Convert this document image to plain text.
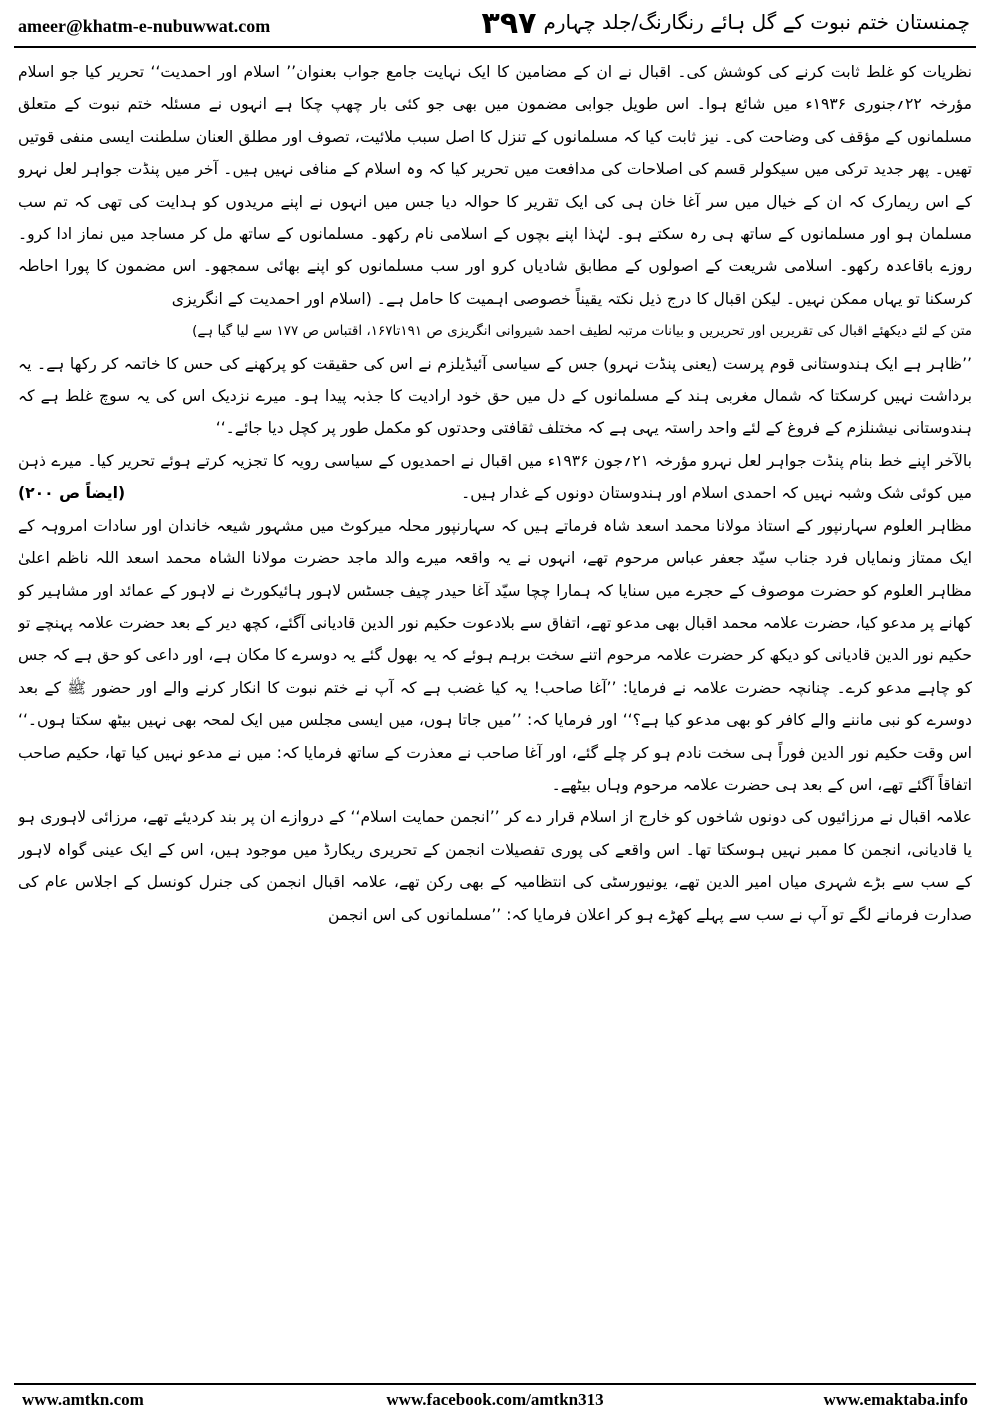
ameer@khatm-e-nubuwwat.com	۳۹۷ چمنستان ختم نبوت کے گل ہائے رنگارنگ/جلد چہارم

نظریات کو غلط ثابت کرنے کی کوشش کی۔ اقبال نے ان کے مضامین کا ایک نہایت جامع جواب بعنوان’’ اسلام اور احمدیت‘‘ تحریر کیا جو اسلام مؤرخہ ۲۲؍جنوری ۱۹۳۶ء میں شائع ہوا۔ اس طویل جوابی مضمون میں بھی جو کئی بار چھپ چکا ہے انہوں نے مسئلہ ختم نبوت کے متعلق مسلمانوں کے مؤقف کی وضاحت کی۔ نیز ثابت کیا کہ مسلمانوں کے تنزل کا اصل سبب ملائیت، تصوف اور مطلق العنان سلطنت ایسی منفی قوتیں تھیں۔ پھر جدید ترکی میں سیکولر قسم کی اصلاحات کی مدافعت میں تحریر کیا کہ وہ اسلام کے منافی نہیں ہیں۔ آخر میں پنڈت جواہر لعل نہرو کے اس ریمارک کہ ان کے خیال میں سر آغا خان ہی کی ایک تقریر کا حوالہ دیا جس میں انہوں نے اپنے مریدوں کو ہدایت کی تھی کہ تم سب مسلمان ہو اور مسلمانوں کے ساتھ ہی رہ سکتے ہو۔ لہٰذا اپنے بچوں کے اسلامی نام رکھو۔ مسلمانوں کے ساتھ مل کر مساجد میں نماز ادا کرو۔ روزے باقاعدہ رکھو۔ اسلامی شریعت کے اصولوں کے مطابق شادیاں کرو اور سب مسلمانوں کو اپنے بھائی سمجھو۔ اس مضمون کا پورا احاطہ کرسکنا تو یہاں ممکن نہیں۔ لیکن اقبال کا درج ذیل نکتہ یقیناً خصوصی اہمیت کا حامل ہے۔ (اسلام اور احمدیت کے انگریزی

متن کے لئے دیکھئے اقبال کی تقریریں اور تحریریں و بیانات مرتبہ لطیف احمد شیروانی انگریزی ص ۱۹۱تا۱۶۷، اقتباس ص ۱۷۷ سے لیا گیا ہے)

’’ظاہر ہے ایک ہندوستانی قوم پرست (یعنی پنڈت نہرو) جس کے سیاسی آئیڈیلزم نے اس کی حقیقت کو پرکھنے کی حس کا خاتمہ کر رکھا ہے۔ یہ برداشت نہیں کرسکتا کہ شمال مغربی ہند کے مسلمانوں کے دل میں حق خود ارادیت کا جذبہ پیدا ہو۔ میرے نزدیک اس کی یہ سوچ غلط ہے کہ ہندوستانی نیشنلزم کے فروغ کے لئے واحد راستہ یہی ہے کہ مختلف ثقافتی وحدتوں کو مکمل طور پر کچل دیا جائے۔‘‘

بالآخر اپنے خط بنام پنڈت جواہر لعل نہرو مؤرخہ ۲۱؍جون ۱۹۳۶ء میں اقبال نے احمدیوں کے سیاسی رویہ کا تجزیہ کرتے ہوئے تحریر کیا۔ میرے ذہن میں کوئی شک وشبہ نہیں کہ احمدی اسلام اور ہندوستان دونوں کے غدار ہیں۔
(ایضاً ص ۲۰۰)

مظاہر العلوم سہارنپور کے استاذ مولانا محمد اسعد شاہ فرماتے ہیں کہ سہارنپور محلہ میرکوٹ میں مشہور شیعہ خاندان اور سادات امروہہ کے ایک ممتاز ونمایاں فرد جناب سیّد جعفر عباس مرحوم تھے، انہوں نے یہ واقعہ میرے والد ماجد حضرت مولانا الشاہ محمد اسعد اللہ ناظم اعلیٰ مظاہر العلوم کو حضرت موصوف کے حجرے میں سنایا کہ ہمارا چچا سیّد آغا حیدر چیف جسٹس لاہور ہائیکورٹ نے لاہور کے عمائد اور مشاہیر کو کھانے پر مدعو کیا، حضرت علامہ محمد اقبال بھی مدعو تھے، اتفاق سے بلادعوت حکیم نور الدین قادیانی آگئے، کچھ دیر کے بعد حضرت علامہ پہنچے تو حکیم نور الدین قادیانی کو دیکھ کر حضرت علامہ مرحوم اتنے سخت برہم ہوئے کہ یہ بھول گئے یہ دوسرے کا مکان ہے، اور داعی کو حق ہے کہ جس کو چاہے مدعو کرے۔ چنانچہ حضرت علامہ نے فرمایا: ’’آغا صاحب! یہ کیا غضب ہے کہ آپ نے ختم نبوت کا انکار کرنے والے اور حضور ﷺ کے بعد دوسرے کو نبی ماننے والے کافر کو بھی مدعو کیا ہے؟‘‘ اور فرمایا کہ: ’’میں جاتا ہوں، میں ایسی مجلس میں ایک لمحہ بھی نہیں بیٹھ سکتا ہوں۔‘‘ اس وقت حکیم نور الدین فوراً ہی سخت نادم ہو کر چلے گئے، اور آغا صاحب نے معذرت کے ساتھ فرمایا کہ: میں نے مدعو نہیں کیا تھا، حکیم صاحب اتفاقاً آگئے تھے، اس کے بعد ہی حضرت علامہ مرحوم وہاں بیٹھے۔

علامہ اقبال نے مرزائیوں کی دونوں شاخوں کو خارج از اسلام قرار دے کر ’’انجمن حمایت اسلام‘‘ کے دروازے ان پر بند کردیئے تھے، مرزائی لاہوری ہو یا قادیانی، انجمن کا ممبر نہیں ہوسکتا تھا۔ اس واقعے کی پوری تفصیلات انجمن کے تحریری ریکارڈ میں موجود ہیں، اس کے ایک عینی گواہ لاہور کے سب سے بڑے شہری میاں امیر الدین تھے، یونیورسٹی کی انتظامیہ کے بھی رکن تھے، علامہ اقبال انجمن کی جنرل کونسل کے اجلاس عام کی صدارت فرمانے لگے تو آپ نے سب سے پہلے کھڑے ہو کر اعلان فرمایا کہ: ’’مسلمانوں کی اس انجمن

www.amtkn.com	www.facebook.com/amtkn313	www.emaktaba.info
